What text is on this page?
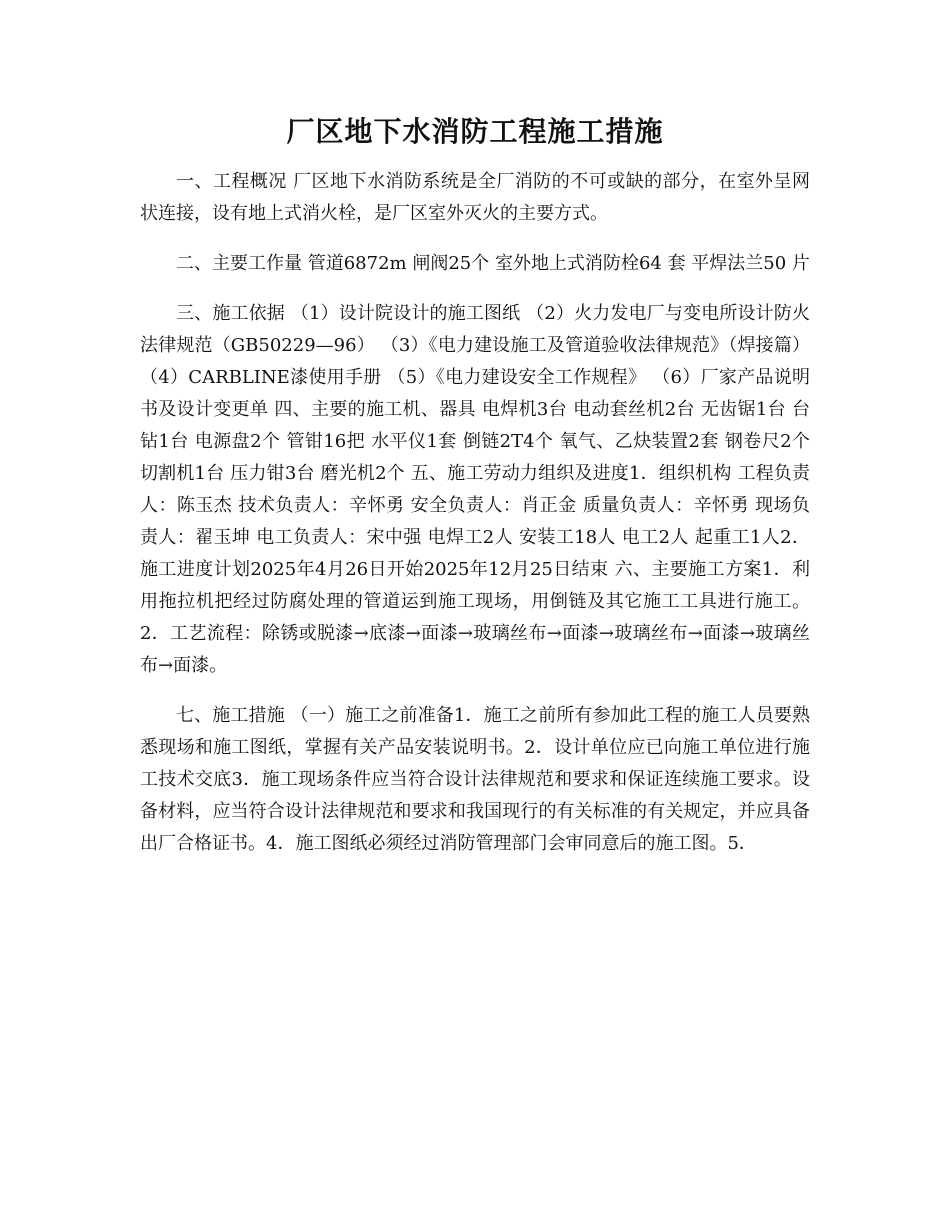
厂区地下水消防工程施工措施

一、工程概况 厂区地下水消防系统是全厂消防的不可或缺的部分，在室外呈网状连接，设有地上式消火栓，是厂区室外灭火的主要方式。

二、主要工作量 管道6872m 闸阀25个 室外地上式消防栓64 套 平焊法兰50 片

三、施工依据 （1）设计院设计的施工图纸 （2）火力发电厂与变电所设计防火法律规范（GB50229—96） （3）《电力建设施工及管道验收法律规范》（焊接篇） （4）CARBLINE漆使用手册 （5）《电力建设安全工作规程》 （6）厂家产品说明书及设计变更单 四、主要的施工机、器具 电焊机3台 电动套丝机2台 无齿锯1台 台钻1台 电源盘2个 管钳16把 水平仪1套 倒链2T4个 氧气、乙炔装置2套 钢卷尺2个 切割机1台 压力钳3台 磨光机2个 五、施工劳动力组织及进度1．组织机构 工程负责人：陈玉杰 技术负责人：辛怀勇 安全负责人：肖正金 质量负责人：辛怀勇 现场负责人：翟玉坤 电工负责人：宋中强 电焊工2人 安装工18人 电工2人 起重工1人2．施工进度计划2025年4月26日开始2025年12月25日结束 六、主要施工方案1．利用拖拉机把经过防腐处理的管道运到施工现场，用倒链及其它施工工具进行施工。2．工艺流程：除锈或脱漆→底漆→面漆→玻璃丝布→面漆→玻璃丝布→面漆→玻璃丝布→面漆。

七、施工措施 （一）施工之前准备1．施工之前所有参加此工程的施工人员要熟悉现场和施工图纸，掌握有关产品安装说明书。2．设计单位应已向施工单位进行施工技术交底3．施工现场条件应当符合设计法律规范和要求和保证连续施工要求。设备材料，应当符合设计法律规范和要求和我国现行的有关标准的有关规定，并应具备出厂合格证书。4．施工图纸必须经过消防管理部门会审同意后的施工图。5．
